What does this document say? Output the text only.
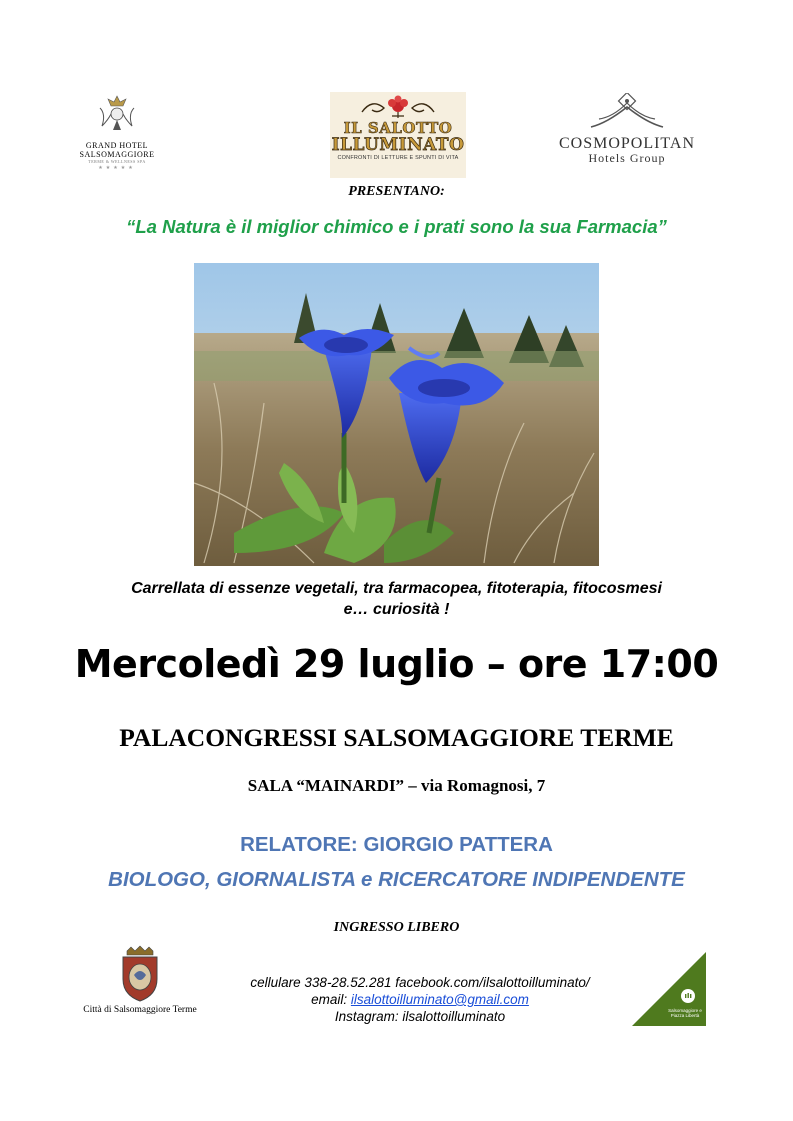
GRAND HOTEL
SALSOMAGGIORE
TERME & WELLNESS SPA
★★★★★
IL SALOTTO
ILLUMINATO
CONFRONTI DI LETTURE E SPUNTI DI VITA
COSMOPOLITAN
Hotels Group
PRESENTANO:
“La Natura è il miglior chimico e i prati sono la sua Farmacia”
Carrellata di essenze vegetali, tra farmacopea, fitoterapia, fitocosmesi
e… curiosità !
Mercoledì 29 luglio – ore 17:00
PALACONGRESSI SALSOMAGGIORE TERME
SALA “MAINARDI” – via Romagnosi, 7
RELATORE: GIORGIO PATTERA
BIOLOGO, GIORNALISTA e RICERCATORE INDIPENDENTE
INGRESSO LIBERO
Città di Salsomaggiore Terme
cellulare 338-28.52.281 facebook.com/ilsalottoilluminato/
email: ilsalottoilluminato@gmail.com
Instagram: ilsalottoilluminato	Salsomaggiore e Piazza Libertà
